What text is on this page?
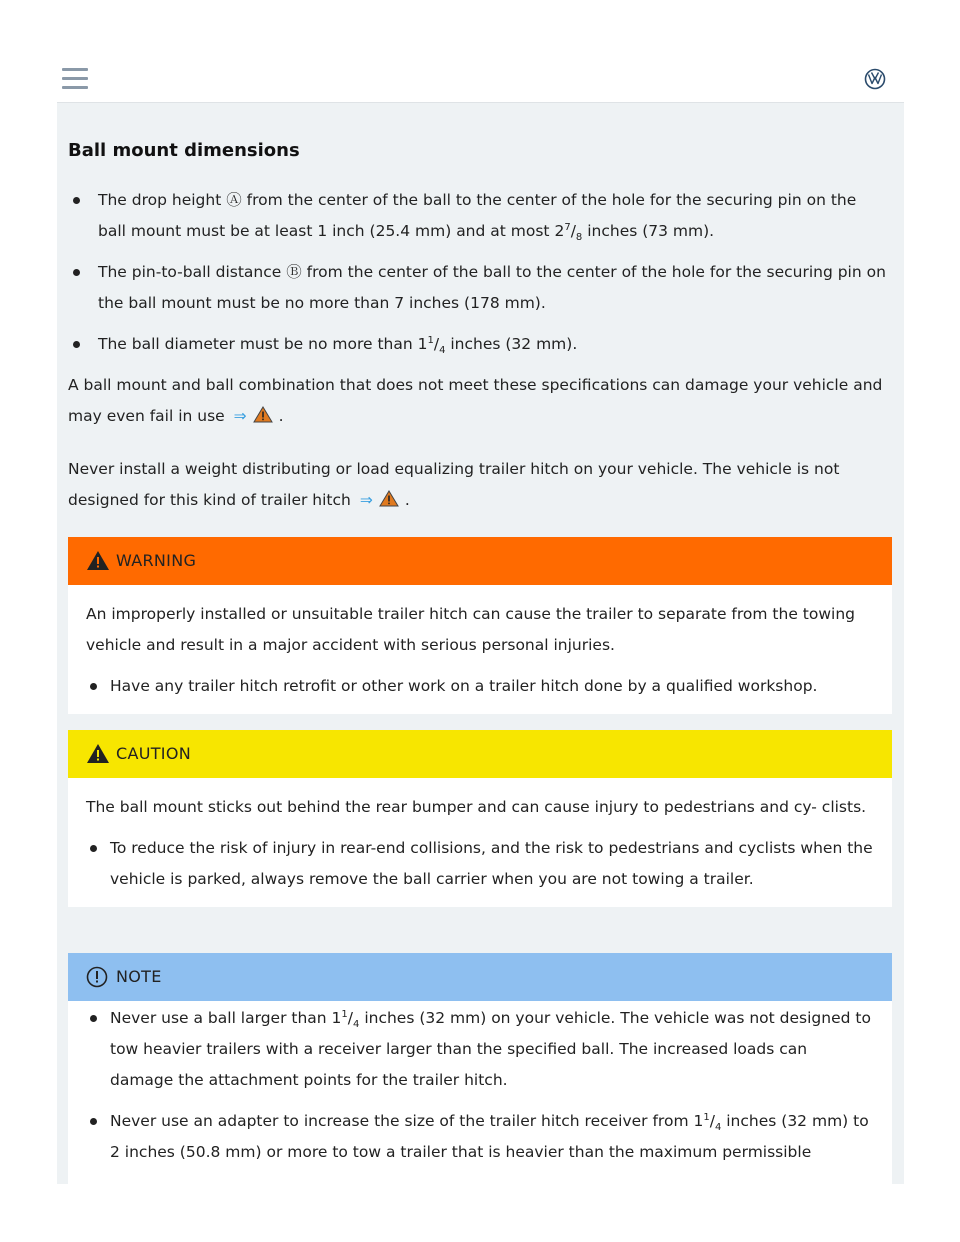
Ball mount dimensions
The drop height Ⓐ from the center of the ball to the center of the hole for the securing pin on the ball mount must be at least 1 inch (25.4 mm) and at most $2^7/_8$ inches (73 mm).
The pin-to-ball distance Ⓑ from the center of the ball to the center of the hole for the securing pin on the ball mount must be no more than 7 inches (178 mm).
The ball diameter must be no more than $1^1/_4$ inches (32 mm).
A ball mount and ball combination that does not meet these specifications can damage your vehicle and may even fail in use ⇒ .
Never install a weight distributing or load equalizing trailer hitch on your vehicle. The vehicle is not designed for this kind of trailer hitch ⇒ .
WARNING
An improperly installed or unsuitable trailer hitch can cause the trailer to separate from the towing vehicle and result in a major accident with serious personal injuries.
Have any trailer hitch retrofit or other work on a trailer hitch done by a qualified workshop.
CAUTION
The ball mount sticks out behind the rear bumper and can cause injury to pedestrians and cy- clists.
To reduce the risk of injury in rear-end collisions, and the risk to pedestrians and cyclists when the vehicle is parked, always remove the ball carrier when you are not towing a trailer.
NOTE
Never use a ball larger than $1^1/_4$ inches (32 mm) on your vehicle. The vehicle was not designed to tow heavier trailers with a receiver larger than the specified ball. The increased loads can damage the attachment points for the trailer hitch.
Never use an adapter to increase the size of the trailer hitch receiver from $1^1/_4$ inches (32 mm) to 2 inches (50.8 mm) or more to tow a trailer that is heavier than the maximum permissible
